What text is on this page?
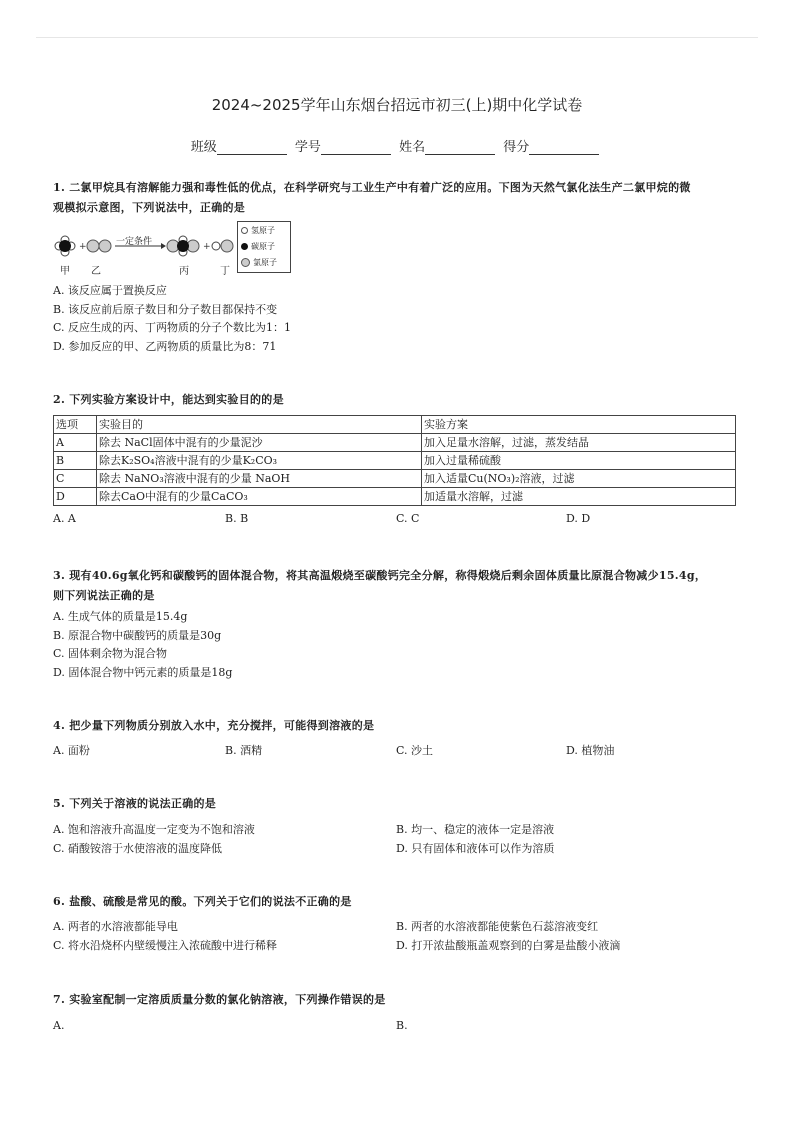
2024~2025学年山东烟台招远市初三(上)期中化学试卷
班级	学号	姓名	得分
1. 二氯甲烷具有溶解能力强和毒性低的优点，在科学研究与工业生产中有着广泛的应用。下图为天然气氯化法生产二氯甲烷的微
观模拟示意图，下列说法中，正确的是
+	+
一定条件
甲 乙	丙	丁
氢原子
碳原子
氯原子
A. 该反应属于置换反应
B. 该反应前后原子数目和分子数目都保持不变
C. 反应生成的丙、丁两物质的分子个数比为1：1
D. 参加反应的甲、乙两物质的质量比为8：71
2. 下列实验方案设计中，能达到实验目的的是
选项	实验目的	实验方案
A	除去 NaCl固体中混有的少量泥沙	加入足量水溶解，过滤，蒸发结晶
B	除去K₂SO₄溶液中混有的少量K₂CO₃	加入过量稀硫酸
C	除去 NaNO₃溶液中混有的少量 NaOH	加入适量Cu(NO₃)₂溶液，过滤
D	除去CaO中混有的少量CaCO₃	加适量水溶解，过滤
A. A	B. B	C. C	D. D
3. 现有40.6g氧化钙和碳酸钙的固体混合物，将其高温煅烧至碳酸钙完全分解，称得煅烧后剩余固体质量比原混合物减少15.4g，
则下列说法正确的是
A. 生成气体的质量是15.4g
B. 原混合物中碳酸钙的质量是30g
C. 固体剩余物为混合物
D. 固体混合物中钙元素的质量是18g
4. 把少量下列物质分别放入水中，充分搅拌，可能得到溶液的是
A. 面粉	B. 酒精	C. 沙土	D. 植物油
5. 下列关于溶液的说法正确的是
A. 饱和溶液升高温度一定变为不饱和溶液	B. 均一、稳定的液体一定是溶液
C. 硝酸铵溶于水使溶液的温度降低	D. 只有固体和液体可以作为溶质
6. 盐酸、硫酸是常见的酸。下列关于它们的说法不正确的是
A. 两者的水溶液都能导电	B. 两者的水溶液都能使紫色石蕊溶液变红
C. 将水沿烧杯内壁缓慢注入浓硫酸中进行稀释	D. 打开浓盐酸瓶盖观察到的白雾是盐酸小液滴
7. 实验室配制一定溶质质量分数的氯化钠溶液，下列操作错误的是
A.	B.
